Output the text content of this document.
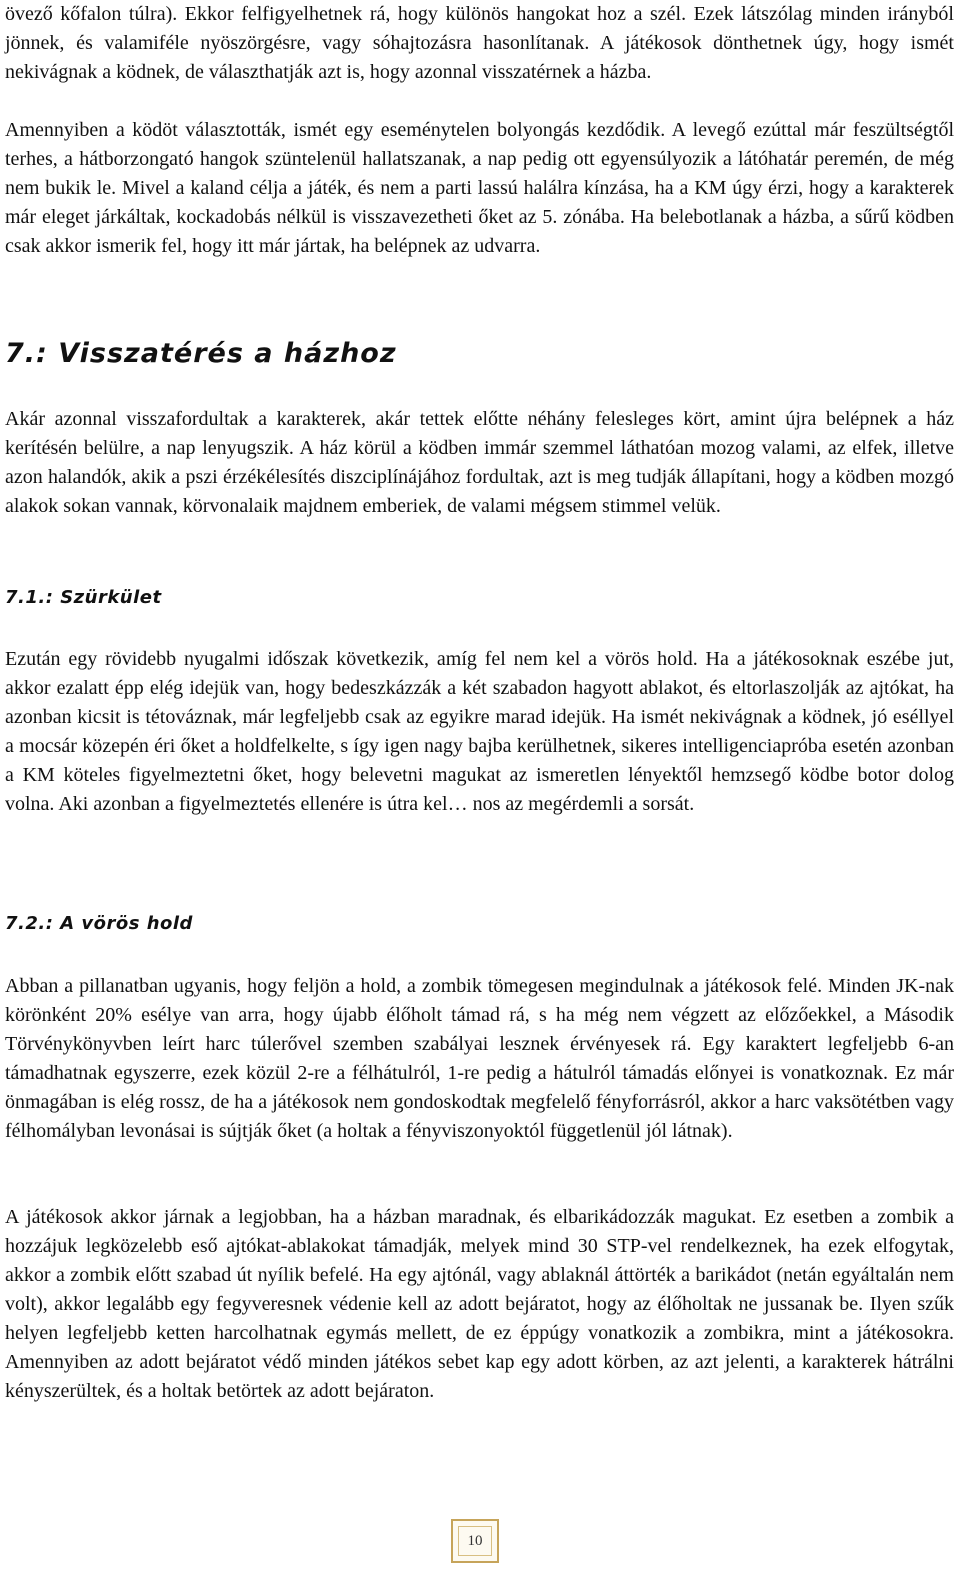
övező kőfalon túlra). Ekkor felfigyelhetnek rá, hogy különös hangokat hoz a szél. Ezek látszólag minden irányból jönnek, és valamiféle nyöszörgésre, vagy sóhajtozásra hasonlítanak. A játékosok dönthetnek úgy, hogy ismét nekivágnak a ködnek, de választhatják azt is, hogy azonnal visszatérnek a házba.

Amennyiben a ködöt választották, ismét egy eseménytelen bolyongás kezdődik. A levegő ezúttal már feszültségtől terhes, a hátborzongató hangok szüntelenül hallatszanak, a nap pedig ott egyensúlyozik a látóhatár peremén, de még nem bukik le. Mivel a kaland célja a játék, és nem a parti lassú halálra kínzása, ha a KM úgy érzi, hogy a karakterek már eleget járkáltak, kockadobás nélkül is visszavezetheti őket az 5. zónába. Ha belebotlanak a házba, a sűrű ködben csak akkor ismerik fel, hogy itt már jártak, ha belépnek az udvarra.

7.: Visszatérés a házhoz

Akár azonnal visszafordultak a karakterek, akár tettek előtte néhány felesleges kört, amint újra belépnek a ház kerítésén belülre, a nap lenyugszik. A ház körül a ködben immár szemmel láthatóan mozog valami, az elfek, illetve azon halandók, akik a pszi érzékélesítés diszciplínájához fordultak, azt is meg tudják állapítani, hogy a ködben mozgó alakok sokan vannak, körvonalaik majdnem emberiek, de valami mégsem stimmel velük.

7.1.: Szürkület

Ezután egy rövidebb nyugalmi időszak következik, amíg fel nem kel a vörös hold. Ha a játékosoknak eszébe jut, akkor ezalatt épp elég idejük van, hogy bedeszkázzák a két szabadon hagyott ablakot, és eltorlaszolják az ajtókat, ha azonban kicsit is tétováznak, már legfeljebb csak az egyikre marad idejük. Ha ismét nekivágnak a ködnek, jó eséllyel a mocsár közepén éri őket a holdfelkelte, s így igen nagy bajba kerülhetnek, sikeres intelligenciapróba esetén azonban a KM köteles figyelmeztetni őket, hogy belevetni magukat az ismeretlen lényektől hemzsegő ködbe botor dolog volna. Aki azonban a figyelmeztetés ellenére is útra kel… nos az megérdemli a sorsát.

7.2.: A vörös hold

Abban a pillanatban ugyanis, hogy feljön a hold, a zombik tömegesen megindulnak a játékosok felé. Minden JK-nak körönként 20% esélye van arra, hogy újabb élőholt támad rá, s ha még nem végzett az előzőekkel, a Második Törvénykönyvben leírt harc túlerővel szemben szabályai lesznek érvényesek rá. Egy karaktert legfeljebb 6-an támadhatnak egyszerre, ezek közül 2-re a félhátulról, 1-re pedig a hátulról támadás előnyei is vonatkoznak. Ez már önmagában is elég rossz, de ha a játékosok nem gondoskodtak megfelelő fényforrásról, akkor a harc vaksötétben vagy félhomályban levonásai is sújtják őket (a holtak a fényviszonyoktól függetlenül jól látnak).

A játékosok akkor járnak a legjobban, ha a házban maradnak, és elbarikádozzák magukat. Ez esetben a zombik a hozzájuk legközelebb eső ajtókat-ablakokat támadják, melyek mind 30 STP-vel rendelkeznek, ha ezek elfogytak, akkor a zombik előtt szabad út nyílik befelé. Ha egy ajtónál, vagy ablaknál áttörték a barikádot (netán egyáltalán nem volt), akkor legalább egy fegyveresnek védenie kell az adott bejáratot, hogy az élőholtak ne jussanak be. Ilyen szűk helyen legfeljebb ketten harcolhatnak egymás mellett, de ez éppúgy vonatkozik a zombikra, mint a játékosokra. Amennyiben az adott bejáratot védő minden játékos sebet kap egy adott körben, az azt jelenti, a karakterek hátrálni kényszerültek, és a holtak betörtek az adott bejáraton.

10
